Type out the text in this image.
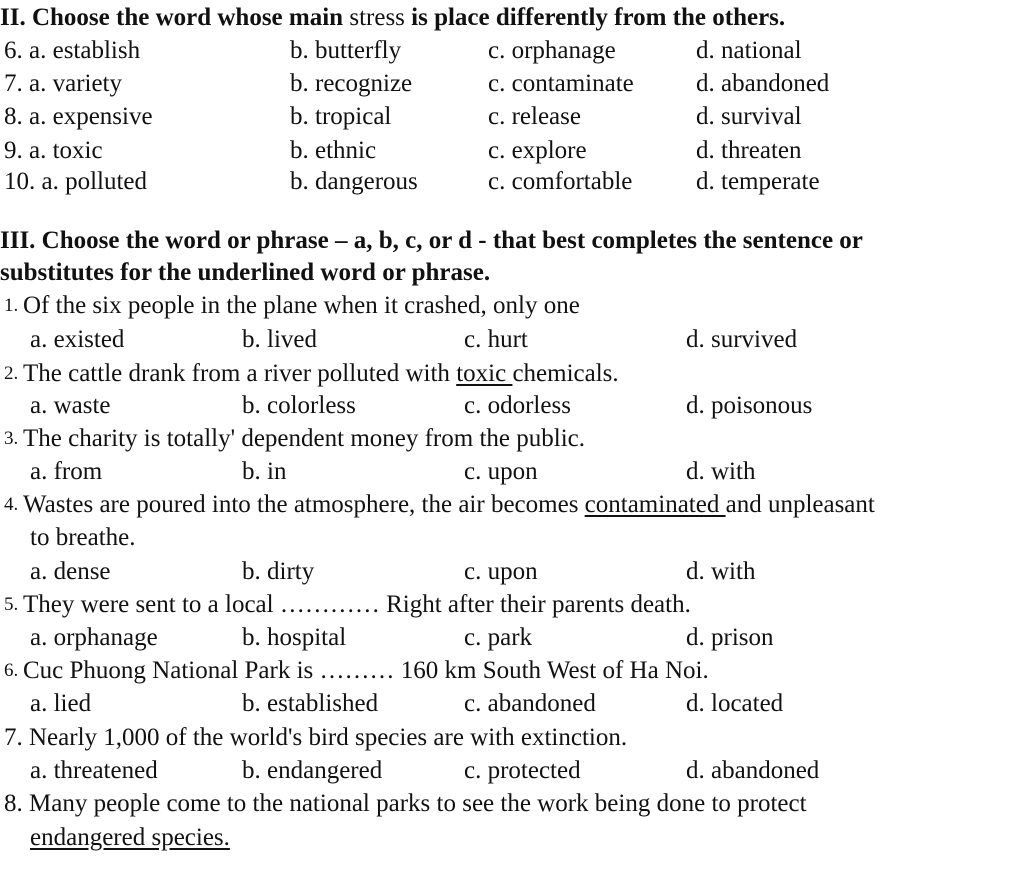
II. Choose the word whose main stress is place differently from the others.
6. a. establish	b. butterfly	c. orphanage	d. national
7. a. variety	b. recognize	c. contaminate d. abandoned
8. a. expensive	b. tropical	c. release	d. survival
9. a. toxic	b. ethnic	c. explore	d. threaten
10. a. polluted	b. dangerous	c. comfortable	d. temperate
III. Choose the word or phrase – a, b, c, or d - that best completes the sentence or
substitutes for the underlined word or phrase.
1. Of the six people in the plane when it crashed, only one
a. existed	b. lived	c. hurt	d. survived
2. The cattle drank from a river polluted with toxic chemicals.
a. waste	b. colorless	c. odorless	d. poisonous
3. The charity is totally' dependent money from the public.
a. from	b. in	c. upon	d. with
4. Wastes are poured into the atmosphere, the air becomes contaminated and unpleasant
to breathe.
a. dense	b. dirty	c. upon	d. with
5. They were sent to a local ………… Right after their parents death.
a. orphanage	b. hospital	c. park	d. prison
6. Cuc Phuong National Park is ……… 160 km South West of Ha Noi.
a. lied	b. established	c. abandoned	d. located
7. Nearly 1,000 of the world's bird species are with extinction.
a. threatened	b. endangered	c. protected	d. abandoned
8. Many people come to the national parks to see the work being done to protect
endangered species.
